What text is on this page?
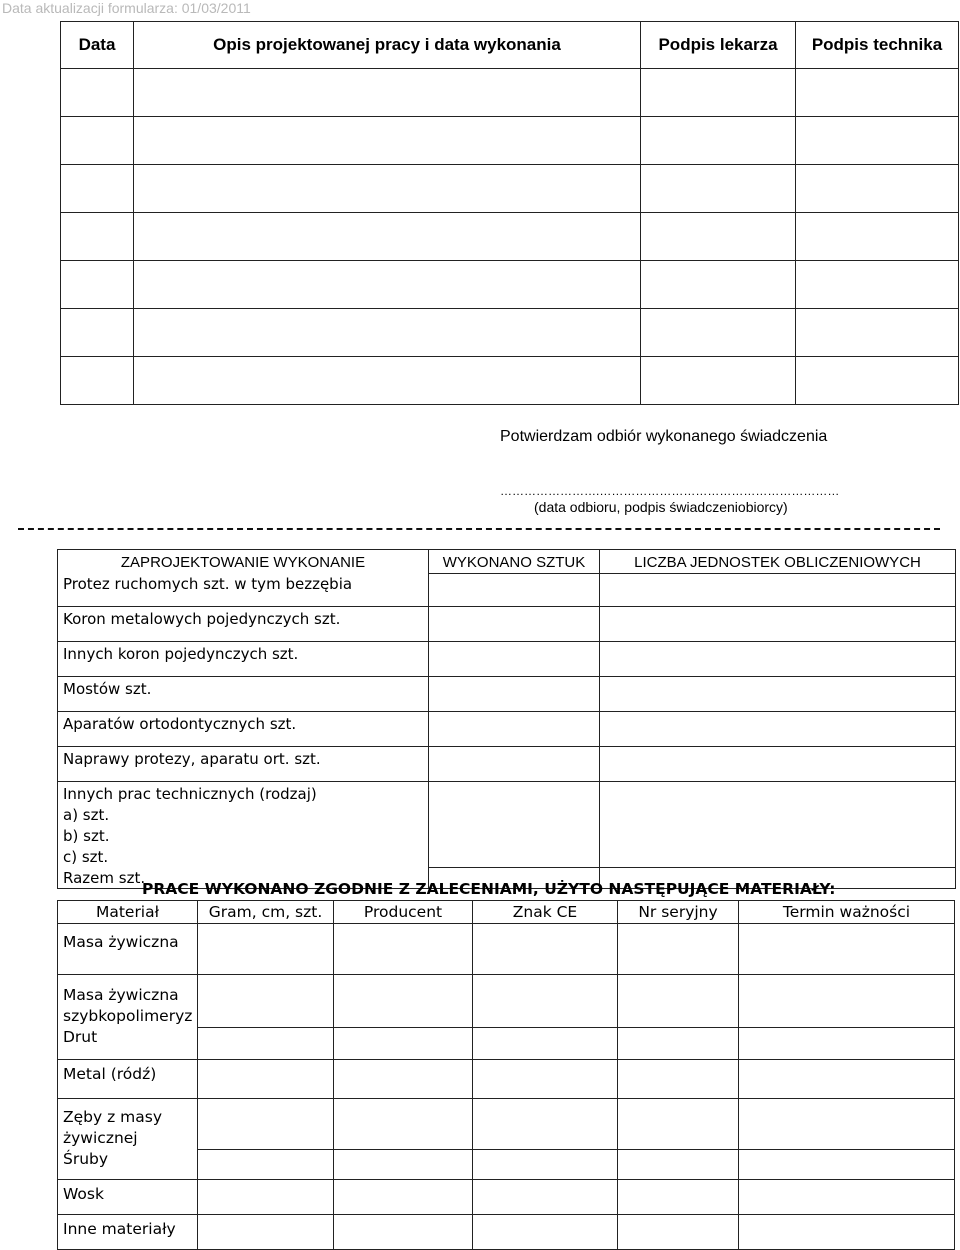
Data aktualizacji formularza: 01/03/2011
Data	Opis projektowanej pracy i data wykonania	Podpis lekarza	Podpis technika

Potwierdzam odbiór wykonanego świadczenia
…………………….……………………………………………………
(data odbioru, podpis świadczeniobiorcy)
ZAPROJEKTOWANIE WYKONANIE	WYKONANO SZTUK	LICZBA JEDNOSTEK OBLICZENIOWYCH
Protez ruchomych szt. w tym bezzębia		
Koron metalowych pojedynczych szt.		
Innych koron pojedynczych szt.		
Mostów szt.		
Aparatów ortodontycznych szt.		
Naprawy protezy, aparatu ort. szt.		

Innych prac technicznych (rodzaj)
a) szt.
b) szt.
c) szt.		

Razem szt.		
PRACE WYKONANO ZGODNIE Z ZALECENIAMI, UŻYTO NASTĘPUJĄCE MATERIAŁY:
Materiał	Gram, cm, szt.	Producent	Znak CE	Nr seryjny	Termin ważności

Masa żywiczna					

Masa żywiczna
szybkopolimeryz					

Drut					

Metal (ródź)					

Zęby z masy
żywicznej					

Śruby					

Wosk					

Inne materiały					
